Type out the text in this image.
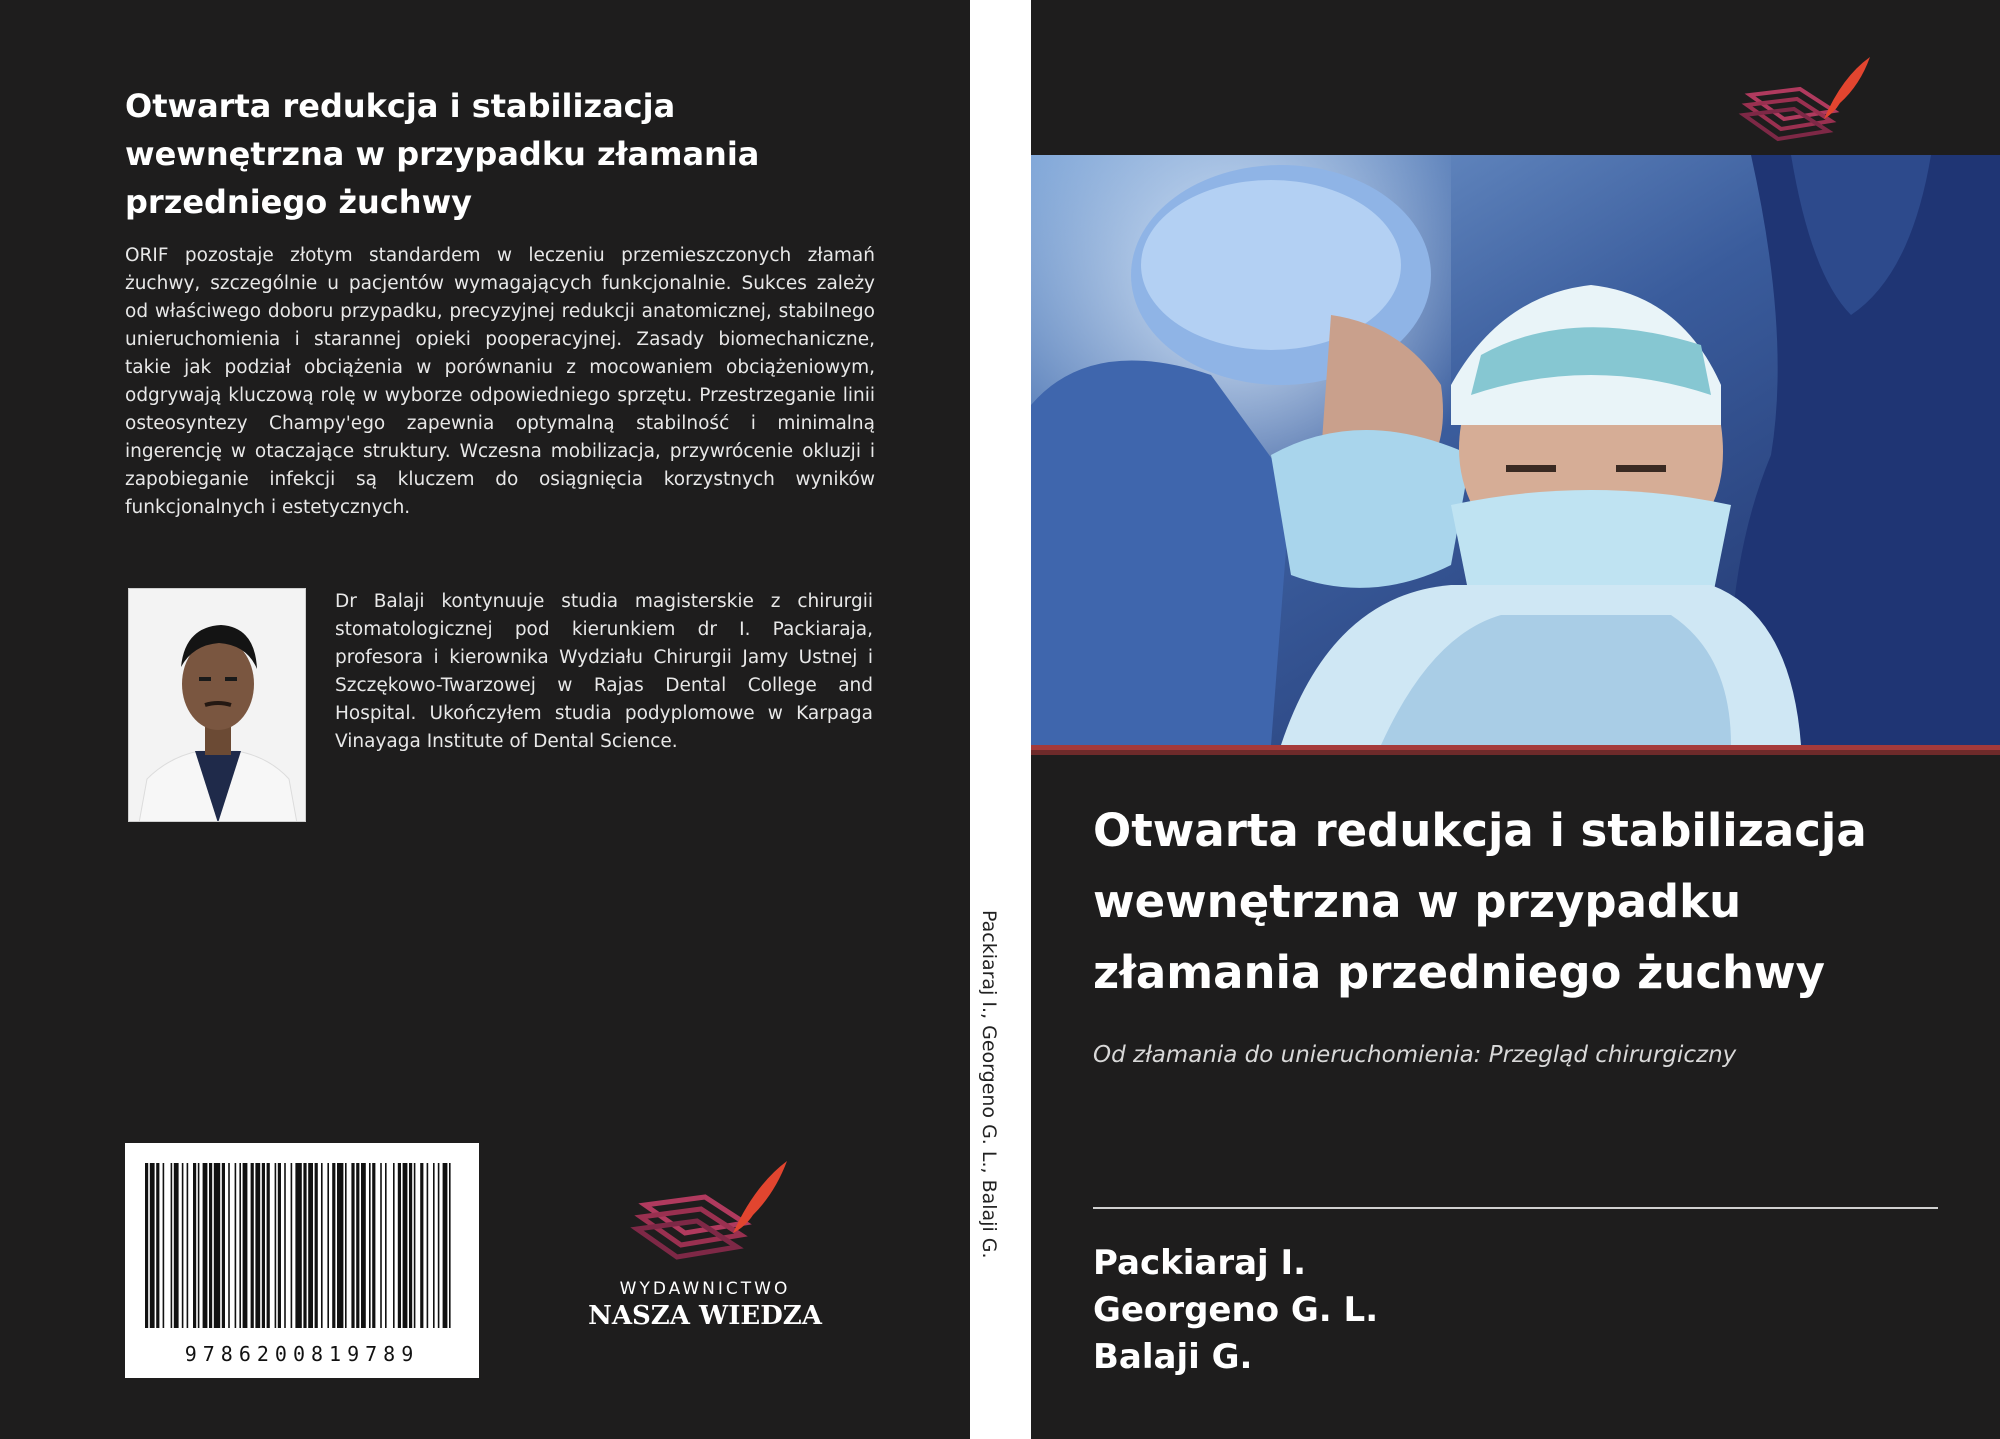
Otwarta redukcja i stabilizacja wewnętrzna w przypadku złamania przedniego żuchwy

ORIF pozostaje złotym standardem w leczeniu przemieszczonych złamań żuchwy, szczególnie u pacjentów wymagających funkcjonalnie. Sukces zależy od właściwego doboru przypadku, precyzyjnej redukcji anatomicznej, stabilnego unieruchomienia i starannej opieki pooperacyjnej. Zasady biomechaniczne, takie jak podział obciążenia w porównaniu z mocowaniem obciążeniowym, odgrywają kluczową rolę w wyborze odpowiedniego sprzętu. Przestrzeganie linii osteosyntezy Champy'ego zapewnia optymalną stabilność i minimalną ingerencję w otaczające struktury. Wczesna mobilizacja, przywrócenie okluzji i zapobieganie infekcji są kluczem do osiągnięcia korzystnych wyników funkcjonalnych i estetycznych.

Dr Balaji kontynuuje studia magisterskie z chirurgii stomatologicznej pod kierunkiem dr I. Packiaraja, profesora i kierownika Wydziału Chirurgii Jamy Ustnej i Szczękowo-Twarzowej w Rajas Dental College and Hospital. Ukończyłem studia podyplomowe w Karpaga Vinayaga Institute of Dental Science.

9786200819789
WYDAWNICTWO
NASZA WIEDZA
Packiaraj I., Georgeno G. L., Balaji G.
Otwarta redukcja i stabilizacja wewnętrzna w przypadku złamania przedniego żuchwy

Od złamania do unieruchomienia: Przegląd chirurgiczny

Packiaraj I.
Georgeno G. L.
Balaji G.
